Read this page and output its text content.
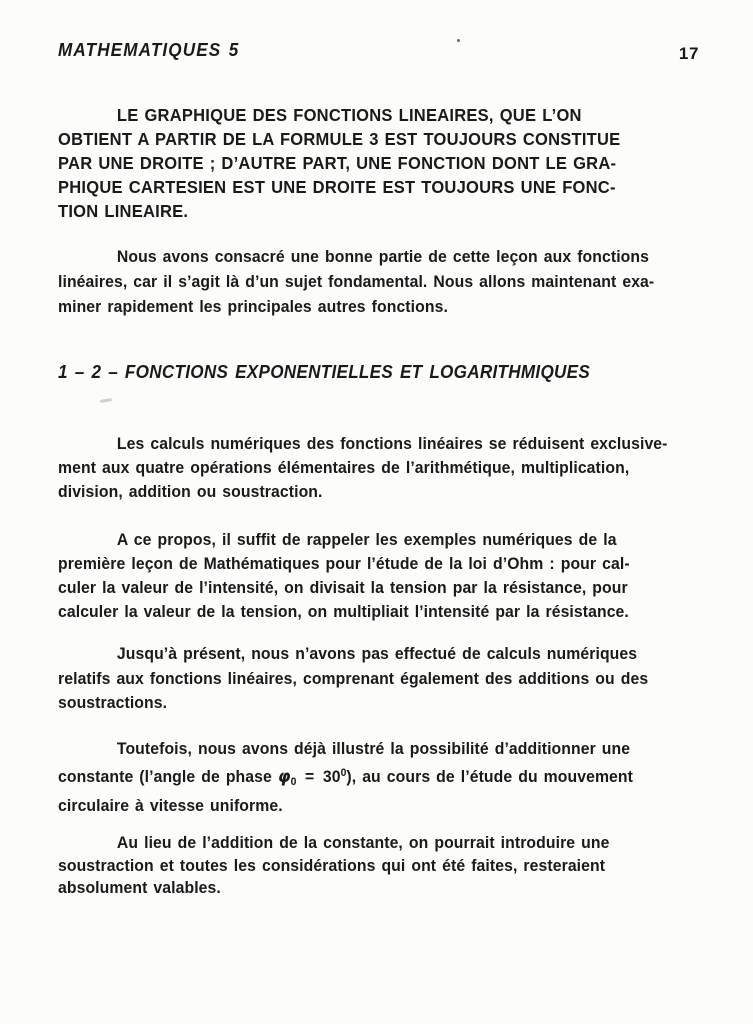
MATHEMATIQUES 5	17
LE GRAPHIQUE DES FONCTIONS LINEAIRES, QUE L’ON
OBTIENT A PARTIR DE LA FORMULE 3 EST TOUJOURS CONSTITUE
PAR UNE DROITE ; D’AUTRE PART, UNE FONCTION DONT LE GRA-
PHIQUE CARTESIEN EST UNE DROITE EST TOUJOURS UNE FONC-
TION LINEAIRE.
Nous avons consacré une bonne partie de cette leçon aux fonctions
linéaires, car il s’agit là d’un sujet fondamental. Nous allons maintenant exa-
miner rapidement les principales autres fonctions.
1 – 2 – FONCTIONS EXPONENTIELLES ET LOGARITHMIQUES
Les calculs numériques des fonctions linéaires se réduisent exclusive-
ment aux quatre opérations élémentaires de l’arithmétique, multiplication,
division, addition ou soustraction.
A ce propos, il suffit de rappeler les exemples numériques de la
première leçon de Mathématiques pour l’étude de la loi d’Ohm : pour cal-
culer la valeur de l’intensité, on divisait la tension par la résistance, pour
calculer la valeur de la tension, on multipliait l’intensité par la résistance.
Jusqu’à présent, nous n’avons pas effectué de calculs numériques
relatifs aux fonctions linéaires, comprenant également des additions ou des
soustractions.
Toutefois, nous avons déjà illustré la possibilité d’additionner une
constante (l’angle de phase $\varphi 0 = 30^0$), au cours de l’étude du mouvement
circulaire à vitesse uniforme.
Au lieu de l’addition de la constante, on pourrait introduire une
soustraction et toutes les considérations qui ont été faites, resteraient
absolument valables.
